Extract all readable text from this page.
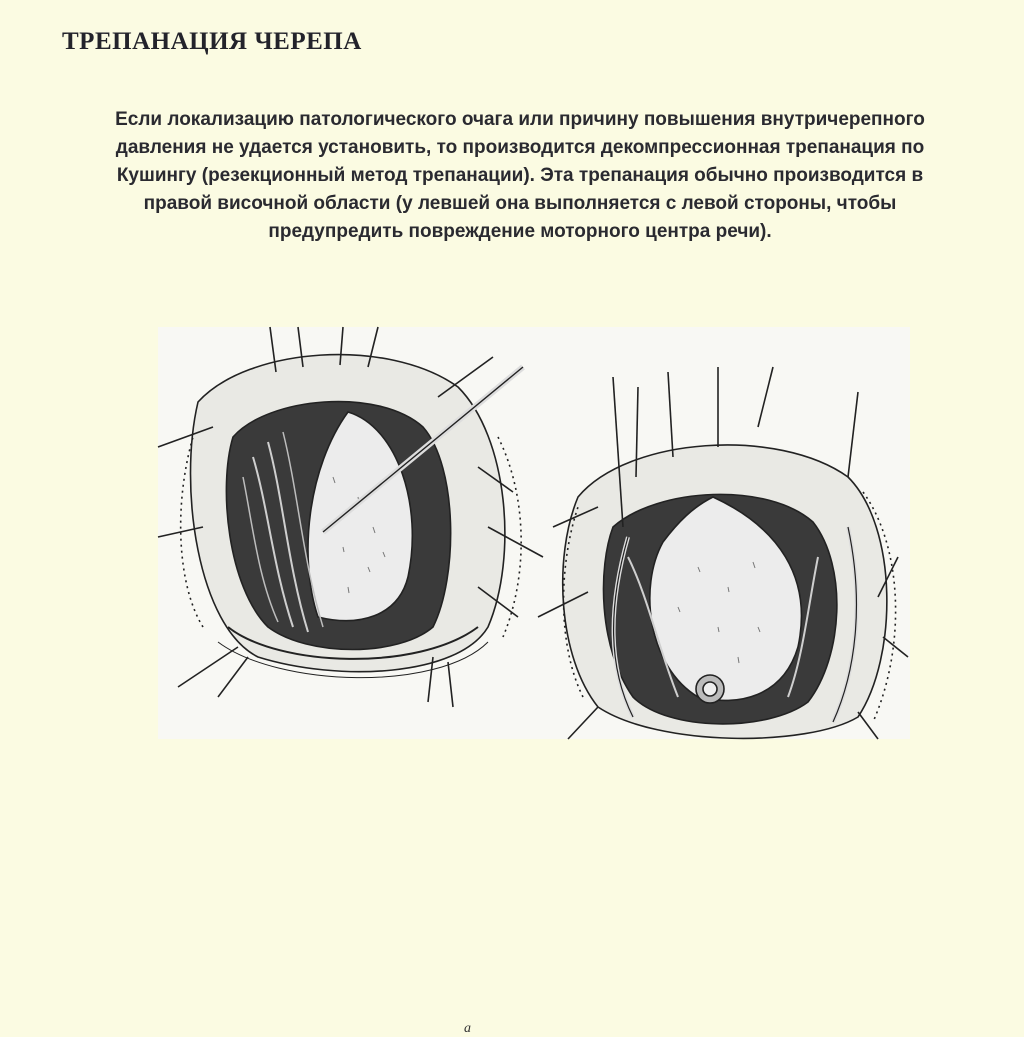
ТРЕПАНАЦИЯ ЧЕРЕПА
Если локализацию патологического очага или причину повышения внутричерепного давления не удается установить, то производится декомпрессионная трепанация по Кушингу (резекционный метод трепанации). Эта трепанация обычно производится в правой височной области (у левшей она выполняется с левой стороны, чтобы предупредить повреждение моторного центра речи).
а
